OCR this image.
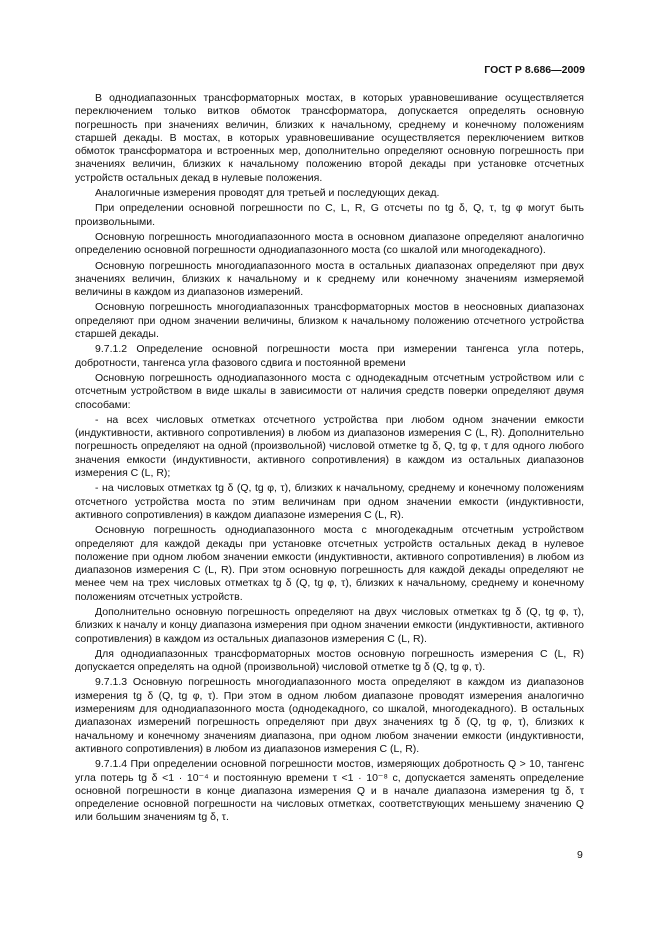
ГОСТ Р 8.686—2009

В однодиапазонных трансформаторных мостах, в которых уравновешивание осуществляется переключением только витков обмоток трансформатора, допускается определять основную погрешность при значениях величин, близких к начальному, среднему и конечному положениям старшей декады. В мостах, в которых уравновешивание осуществляется переключением витков обмоток трансформатора и встроенных мер, дополнительно определяют основную погрешность при значениях величин, близких к начальному положению второй декады при установке отсчетных устройств остальных декад в нулевые положения.

Аналогичные измерения проводят для третьей и последующих декад.

При определении основной погрешности по C, L, R, G отсчеты по tg δ, Q, τ, tg φ могут быть произвольными.

Основную погрешность многодиапазонного моста в основном диапазоне определяют аналогично определению основной погрешности однодиапазонного моста (со шкалой или многодекадного).

Основную погрешность многодиапазонного моста в остальных диапазонах определяют при двух значениях величин, близких к начальному и к среднему или конечному значениям измеряемой величины в каждом из диапазонов измерений.

Основную погрешность многодиапазонных трансформаторных мостов в неосновных диапазонах определяют при одном значении величины, близком к начальному положению отсчетного устройства старшей декады.

9.7.1.2 Определение основной погрешности моста при измерении тангенса угла потерь, добротности, тангенса угла фазового сдвига и постоянной времени

Основную погрешность однодиапазонного моста с однодекадным отсчетным устройством или с отсчетным устройством в виде шкалы в зависимости от наличия средств поверки определяют двумя способами:

- на всех числовых отметках отсчетного устройства при любом одном значении емкости (индуктивности, активного сопротивления) в любом из диапазонов измерения C (L, R). Дополнительно погрешность определяют на одной (произвольной) числовой отметке tg δ, Q, tg φ, τ для одного любого значения емкости (индуктивности, активного сопротивления) в каждом из остальных диапазонов измерения C (L, R);

- на числовых отметках tg δ (Q, tg φ, τ), близких к начальному, среднему и конечному положениям отсчетного устройства моста по этим величинам при одном значении емкости (индуктивности, активного сопротивления) в каждом диапазоне измерения C (L, R).

Основную погрешность однодиапазонного моста с многодекадным отсчетным устройством определяют для каждой декады при установке отсчетных устройств остальных декад в нулевое положение при одном любом значении емкости (индуктивности, активного сопротивления) в любом из диапазонов измерения C (L, R). При этом основную погрешность для каждой декады определяют не менее чем на трех числовых отметках tg δ (Q, tg φ, τ), близких к начальному, среднему и конечному положениям отсчетных устройств.

Дополнительно основную погрешность определяют на двух числовых отметках tg δ (Q, tg φ, τ), близких к началу и концу диапазона измерения при одном значении емкости (индуктивности, активного сопротивления) в каждом из остальных диапазонов измерения C (L, R).

Для однодиапазонных трансформаторных мостов основную погрешность измерения C (L, R) допускается определять на одной (произвольной) числовой отметке tg δ (Q, tg φ, τ).

9.7.1.3 Основную погрешность многодиапазонного моста определяют в каждом из диапазонов измерения tg δ (Q, tg φ, τ). При этом в одном любом диапазоне проводят измерения аналогично измерениям для однодиапазонного моста (однодекадного, со шкалой, многодекадного). В остальных диапазонах измерений погрешность определяют при двух значениях tg δ (Q, tg φ, τ), близких к начальному и конечному значениям диапазона, при одном любом значении емкости (индуктивности, активного сопротивления) в любом из диапазонов измерения C (L, R).

9.7.1.4 При определении основной погрешности мостов, измеряющих добротность Q > 10, тангенс угла потерь tg δ <1 · 10⁻⁴ и постоянную времени τ <1 · 10⁻⁸ с, допускается заменять определение основной погрешности в конце диапазона измерения Q и в начале диапазона измерения tg δ, τ определение основной погрешности на числовых отметках, соответствующих меньшему значению Q или большим значениям tg δ, τ.

9
